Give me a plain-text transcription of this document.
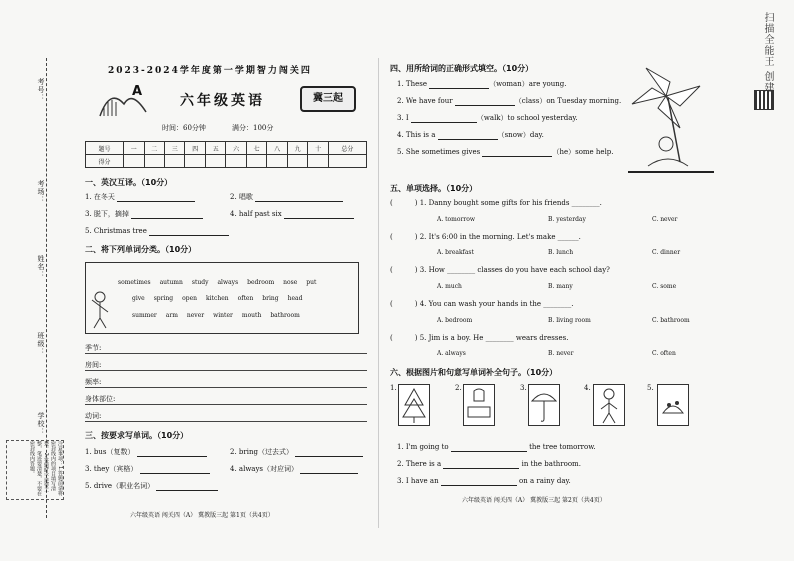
考号：
考场：
姓名：
班级：
学校：
注意事项：1.答题前请将密封线内的项目填写清楚。 2.答题时字迹要工整，笔迹要清楚，不要在密封线内答题。
2023-2024学年度第一学期智力闯关四
A
六年级英语	冀三起
时间：60分钟	满分：100分
题号	一	二	三	四	五	六	七	八	九	十	总分
得分											
一、英汉互译。（10分）
1. 在冬天	2. 唱歌
3. 脱下，摘掉	4. half past six
5. Christmas tree
二、将下列单词分类。（10分）
sometimes autumn study always bedroom nose put
give spring open kitchen often bring head
summer arm never winter mouth bathroom
季节:
房间:
频率:
身体部位:
动词:
三、按要求写单词。（10分）
1. bus（复数）	2. bring（过去式）
3. they（宾格）	4. always（对应词）
5. drive（职业名词）
六年级英语 闯关四（A） 冀教版三起 第1页（共4页）
四、用所给词的正确形式填空。（10分）
1. These	（woman）are young.
2. We have four	（class）on Tuesday morning.
3. I	（walk）to school yesterday.
4. This is a	（snow）day.
5. She sometimes gives	（he）some help.
五、单项选择。（10分）
(	) 1. Danny bought some gifts for his friends ________.
A. tomorrow	B. yesterday	C. never
(	) 2. It's 6:00 in the morning. Let's make ______.
A. breakfast	B. lunch	C. dinner
(	) 3. How ________ classes do you have each school day?
A. much	B. many	C. some
(	) 4. You can wash your hands in the ________.
A. bedroom	B. living room	C. bathroom
(	) 5. Jim is a boy. He ________ wears dresses.
A. always	B. never	C. often
六、根据图片和句意写单词补全句子。（10分）
1.	2.	3.	4.	5.
1. I'm going to	the tree tomorrow.
2. There is a	in the bathroom.
3. I have an	on a rainy day.
六年级英语 闯关四（A） 冀教版三起 第2页（共4页）
扫描全能王 创建
